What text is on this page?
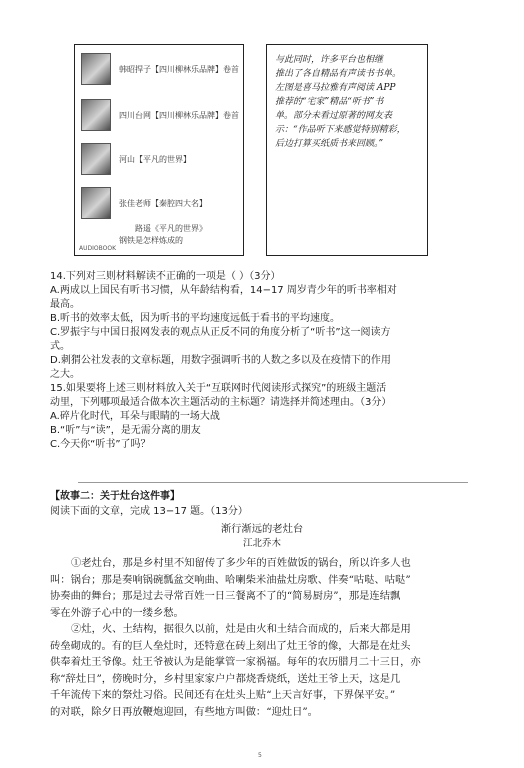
韩昭捍子【四川柳林乐品牌】卷首
四川台网【四川柳林乐品牌】卷首
河山【平凡的世界】
张佳老师【秦腔四大名】
路遥《平凡的世界》
钢铁是怎样炼成的
AUDIOBOOK
与此同时，许多平台也相继
推出了各自精品有声读书书单。
左图是喜马拉雅有声阅读 APP
推荐的“宅家”精品“听书”书
单。部分未看过原著的网友表
示：“作品听下来感觉特别精彩，
后边打算买纸质书来回顾。”
14.下列对三则材料解读不正确的一项是（ ）（3分）
A.两成以上国民有听书习惯，从年龄结构看，14−17 周岁青少年的听书率相对
最高。
B.听书的效率太低，因为听书的平均速度远低于看书的平均速度。
C.罗振宇与中国日报网发表的观点从正反不同的角度分析了“听书”这一阅读方
式。
D.刺猬公社发表的文章标题，用数字强调听书的人数之多以及在疫情下的作用
之大。
15.如果要将上述三则材料放入关于“互联网时代阅读形式探究”的班级主题活
动里，下列哪项最适合做本次主题活动的主标题？请选择并简述理由。（3分）
A.碎片化时代，耳朵与眼睛的一场大战
B.“听”与“读”，是无需分离的朋友
C.今天你“听书”了吗？
【故事二：关于灶台这件事】
阅读下面的文章，完成 13−17 题。（13分）
渐行渐远的老灶台
江北乔木
①老灶台，那是乡村里不知留传了多少年的百姓做饭的锅台，所以许多人也
叫：锅台；那是奏响锅碗瓢盆交响曲、哈喇柴米油盐灶房歌、伴奏“咕哒、咕哒”
协奏曲的舞台；那是过去寻常百姓一日三餐离不了的“简易厨房”，那是连结飘
零在外游子心中的一缕乡愁。
②灶，火、土结构，据很久以前，灶是由火和土结合而成的，后来大都是用
砖垒砌成的。有的巨人垒灶时，还特意在砖上刻出了灶王爷的像，大都是在灶头
供奉着灶王爷像。灶王爷被认为是能掌管一家祸福。每年的农历腊月二十三日，亦
称“辞灶日”，傍晚时分，乡村里家家户户都烧香烧纸，送灶王爷上天，这是几
千年流传下来的祭灶习俗。民间还有在灶头上贴“上天言好事，下界保平安。”
的对联，除夕日再放鞭炮迎回，有些地方叫做：“迎灶日”。
5
